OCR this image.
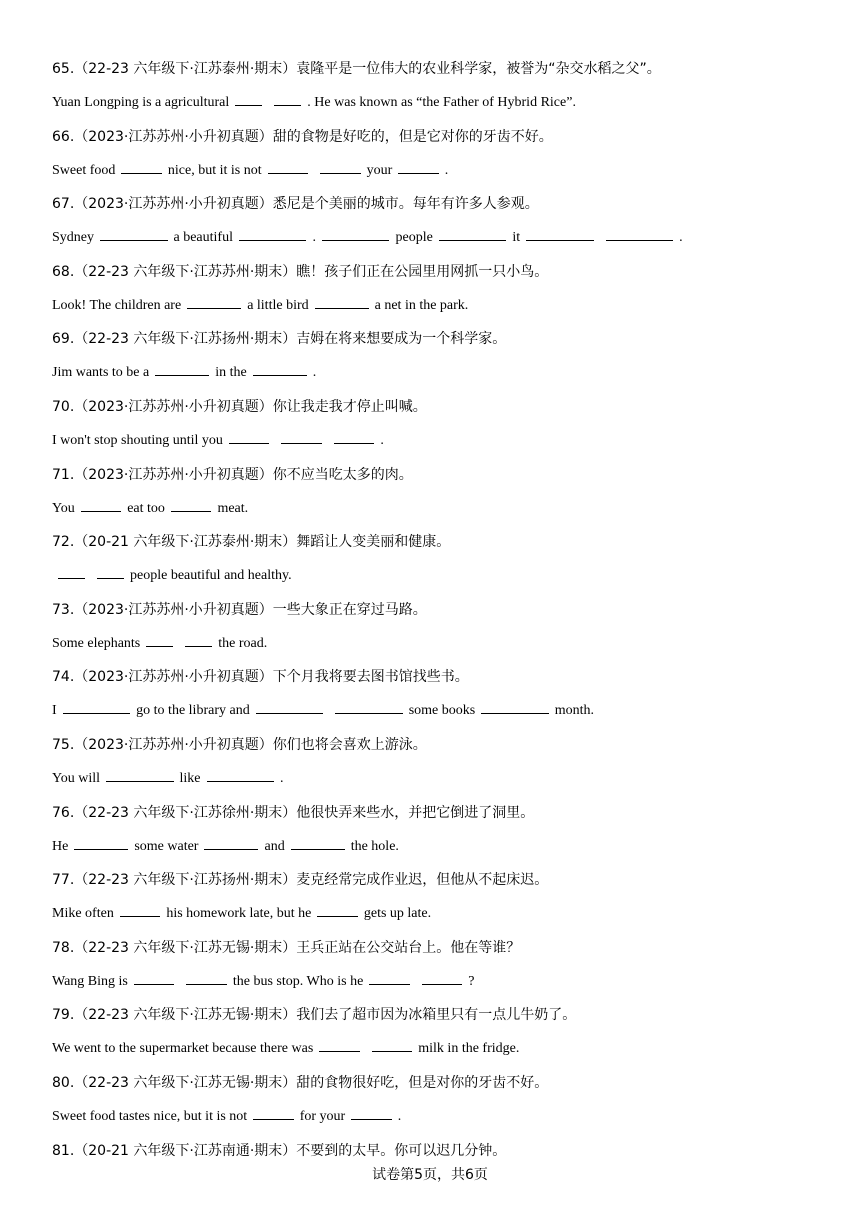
65.（22-23 六年级下·江苏泰州·期末）袁隆平是一位伟大的农业科学家，被誉为“杂交水稻之父”。
Yuan Longping is a agricultural	. He was known as “the Father of Hybrid Rice”.
66.（2023·江苏苏州·小升初真题）甜的食物是好吃的，但是它对你的牙齿不好。
Sweet food	nice, but it is not	your	.
67.（2023·江苏苏州·小升初真题）悉尼是个美丽的城市。每年有许多人参观。
Sydney	a beautiful	.	people	it	.
68.（22-23 六年级下·江苏苏州·期末）瞧！孩子们正在公园里用网抓一只小鸟。
Look! The children are	a little bird	a net in the park.
69.（22-23 六年级下·江苏扬州·期末）吉姆在将来想要成为一个科学家。
Jim wants to be a	in the	.
70.（2023·江苏苏州·小升初真题）你让我走我才停止叫喊。
I won't stop shouting until you	.
71.（2023·江苏苏州·小升初真题）你不应当吃太多的肉。
You	eat too	meat.
72.（20-21 六年级下·江苏泰州·期末）舞蹈让人变美丽和健康。
people beautiful and healthy.
73.（2023·江苏苏州·小升初真题）一些大象正在穿过马路。
Some elephants	the road.
74.（2023·江苏苏州·小升初真题）下个月我将要去图书馆找些书。
I	go to the library and	some books	month.
75.（2023·江苏苏州·小升初真题）你们也将会喜欢上游泳。
You will	like	.
76.（22-23 六年级下·江苏徐州·期末）他很快弄来些水，并把它倒进了洞里。
He	some water	and	the hole.
77.（22-23 六年级下·江苏扬州·期末）麦克经常完成作业迟，但他从不起床迟。
Mike often	his homework late, but he	gets up late.
78.（22-23 六年级下·江苏无锡·期末）王兵正站在公交站台上。他在等谁？
Wang Bing is	the bus stop. Who is he	?
79.（22-23 六年级下·江苏无锡·期末）我们去了超市因为冰箱里只有一点儿牛奶了。
We went to the supermarket because there was	milk in the fridge.
80.（22-23 六年级下·江苏无锡·期末）甜的食物很好吃，但是对你的牙齿不好。
Sweet food tastes nice, but it is not	for your	.
81.（20-21 六年级下·江苏南通·期末）不要到的太早。你可以迟几分钟。
试卷第5页，共6页
